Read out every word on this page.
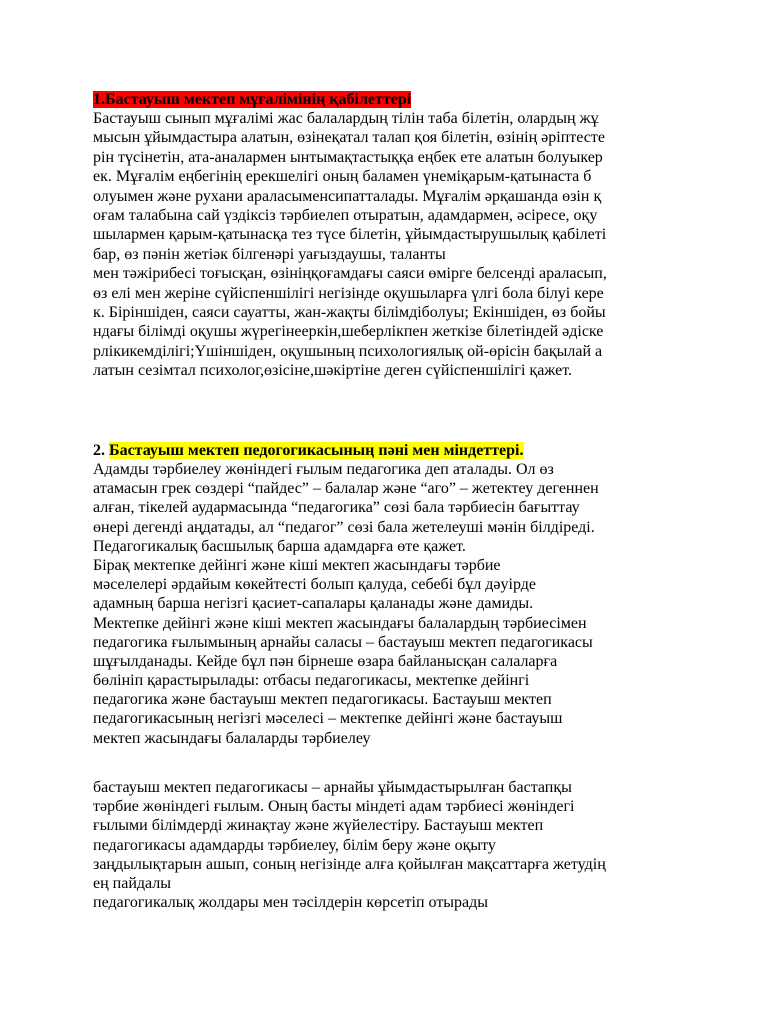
1.Бастауыш мектеп мұғалімінің қабілеттері
Бастауыш сынып мұғалімі жас балалардың тілін таба білетін, олардың жұ
мысын ұйымдастыра алатын, өзінеқатал талап қоя білетін, өзінің әріптесте
рін түсінетін, ата-аналармен ынтымақтастыққа еңбек ете алатын болуыкер
ек. Мұғалім еңбегінің ерекшелігі оның баламен үнемiқарым-қатынаста б
олуымен және рухани араласыменсипатталады. Мұғалім әрқашанда өзін қ
оғам талабына сай үздіксіз тәрбиелеп отыратын, адамдармен, әсіресе, оқу
шылармен қарым-қатынасқа тез түсе білетін, ұйымдастырушылық қабілеті
бар, өз пәнін жетіәк білгенәрі уағыздаушы, таланты
мен тәжірибесі тоғысқан, өзініңқоғамдағы саяси өмірге белсенді араласып,
өз елі мен жеріне сүйіспеншілігі негізінде оқушыларға үлгі бола білуі кере
к. Біріншіден, саяси сауатты, жан-жақты білімдіболуы; Екіншіден, өз бойы
ндағы білімді оқушы жүрегінееркін,шеберлікпен жеткізе білетіндей әдіске
рлікикемділігі;Үшіншіден, оқушының психологиялық ой-өрісін бақылай а
латын сезімтал психолог,өзісіне,шәкіртіне деген сүйіспеншілігі қажет.
2. Бастауыш мектеп педогогикасының пәні мен міндеттері.
Адамды тәрбиелеу жөніндегі ғылым педагогика деп аталады. Ол өз
атамасын грек сөздері “пайдес” – балалар және “аго” – жетектеу дегеннен
алған, тікелей аудармасында “педагогика” сөзі бала тәрбиесін бағыттау
өнері дегенді аңдатады, ал “педагог” сөзі бала жетелеуші мәнін білдіреді.
Педагогикалық басшылық барша адамдарға өте қажет.
Бірақ мектепке дейінгі және кіші мектеп жасындағы тәрбие
мәселелері әрдайым көкейтесті болып қалуда, себебі бұл дәуірде
адамның барша негізгі қасиет-сапалары қаланады және дамиды.
Мектепке дейінгі және кіші мектеп жасындағы балалардың тәрбиесімен
педагогика ғылымының арнайы саласы – бастауыш мектеп педагогикасы
шұғылданады. Кейде бұл пән бірнеше өзара байланысқан салаларға
бөлініп қарастырылады: отбасы педагогикасы, мектепке дейінгі
педагогика және бастауыш мектеп педагогикасы. Бастауыш мектеп
педагогикасының негізгі мәселесі – мектепке дейінгі және бастауыш
мектеп жасындағы балаларды тәрбиелеу
бастауыш мектеп педагогикасы – арнайы ұйымдастырылған бастапқы
тәрбие жөніндегі ғылым. Оның басты міндеті адам тәрбиесі жөніндегі
ғылыми білімдерді жинақтау және жүйелестіру. Бастауыш мектеп
педагогикасы адамдарды тәрбиелеу, білім беру және оқыту
заңдылықтарын ашып, соның негізінде алға қойылған мақсаттарға жетудің
ең пайдалы
педагогикалық жолдары мен тәсілдерін көрсетіп отырады
